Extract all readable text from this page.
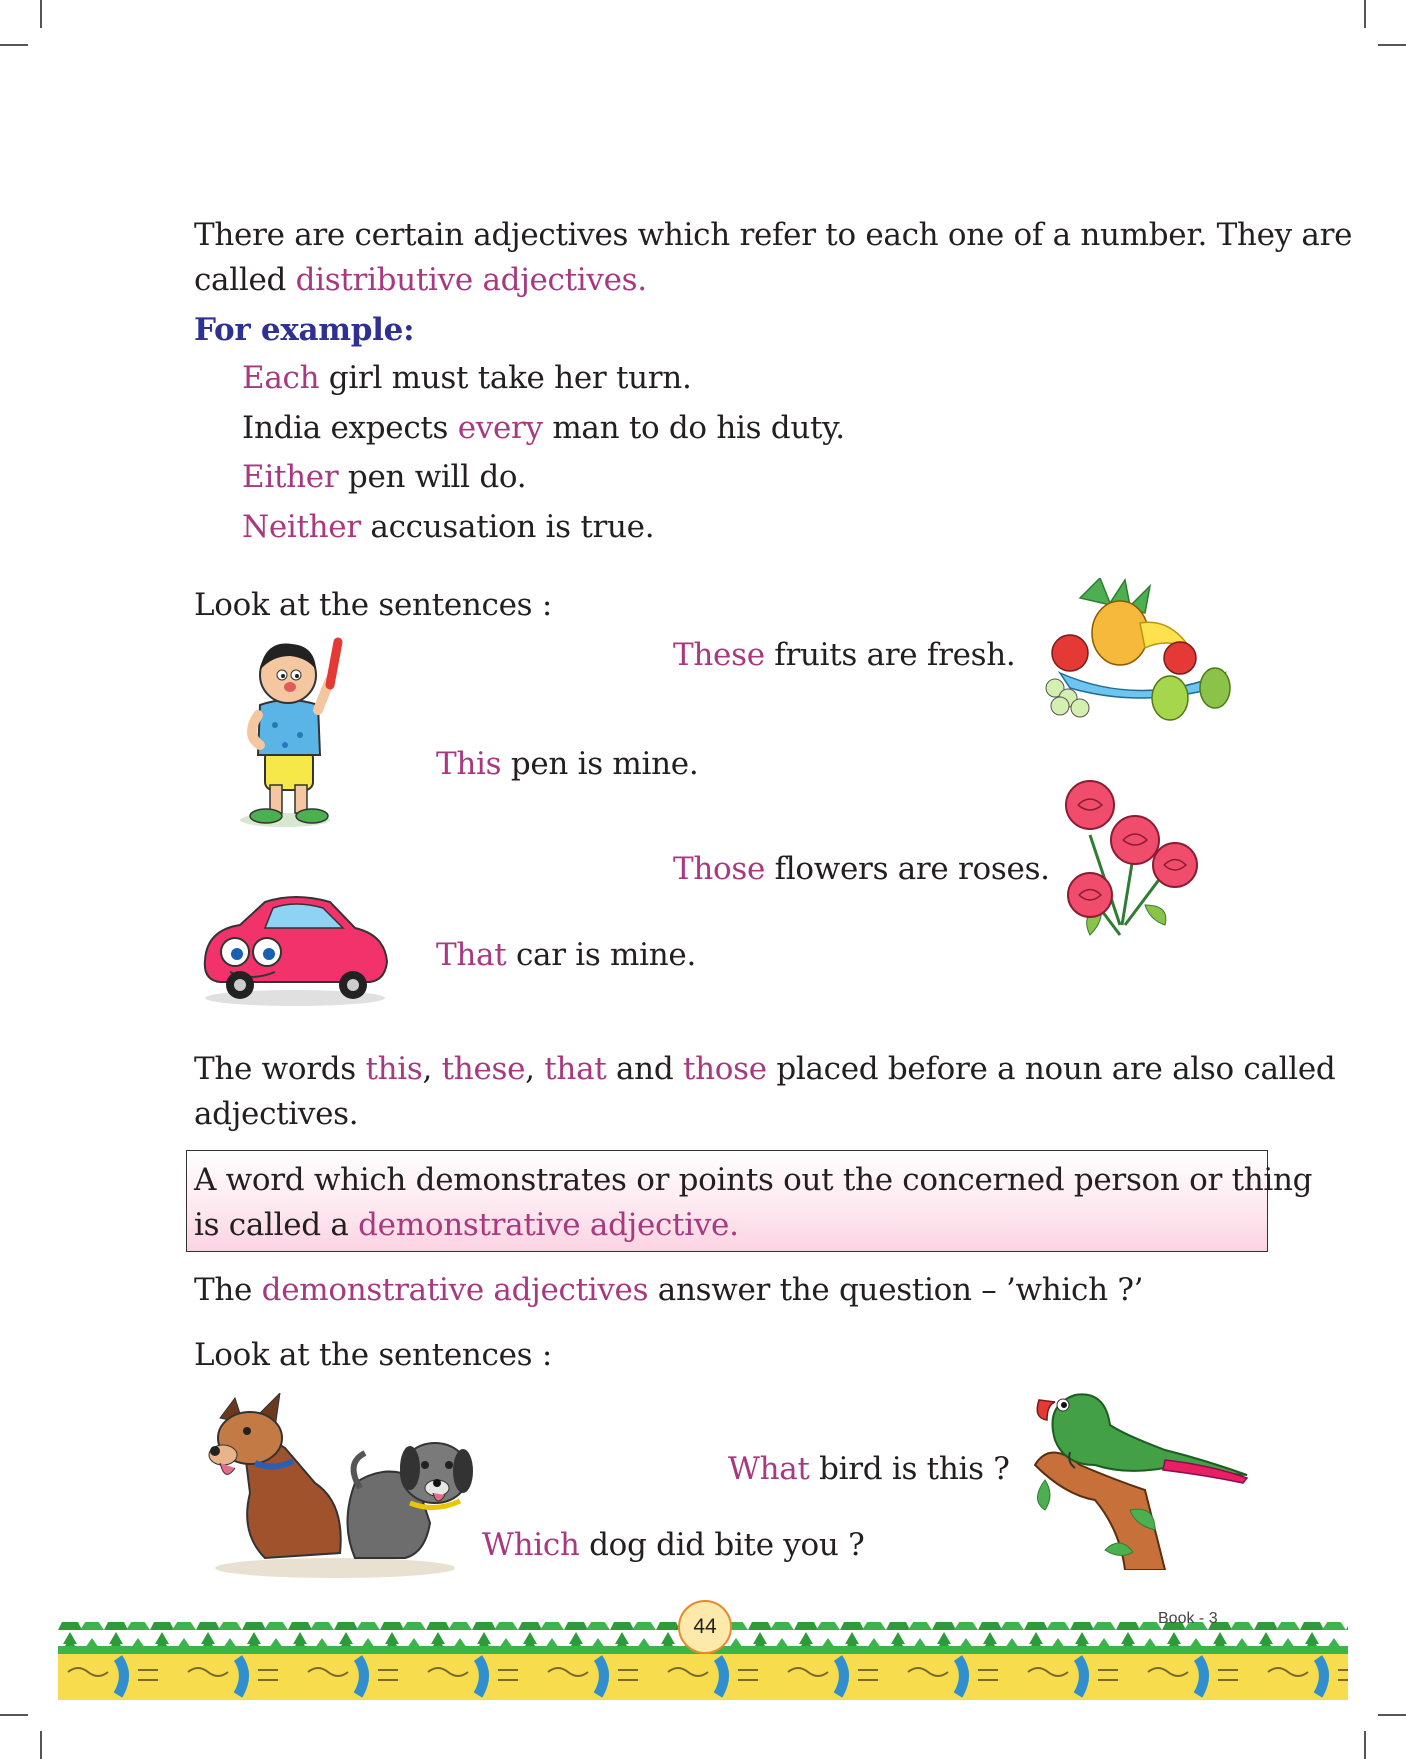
There are certain adjectives which refer to each one of a number. They are
called distributive adjectives.
For example:
Each girl must take her turn.
India expects every man to do his duty.
Either pen will do.
Neither accusation is true.
Look at the sentences :
These fruits are fresh.
This pen is mine.
Those flowers are roses.
That car is mine.
The words this, these, that and those placed before a noun are also called
adjectives.
A word which demonstrates or points out the concerned person or thing
is called a demonstrative adjective.
The demonstrative adjectives answer the question – ’which ?’
Look at the sentences :
What bird is this ?
Which dog did bite you ?
44	Book - 3
